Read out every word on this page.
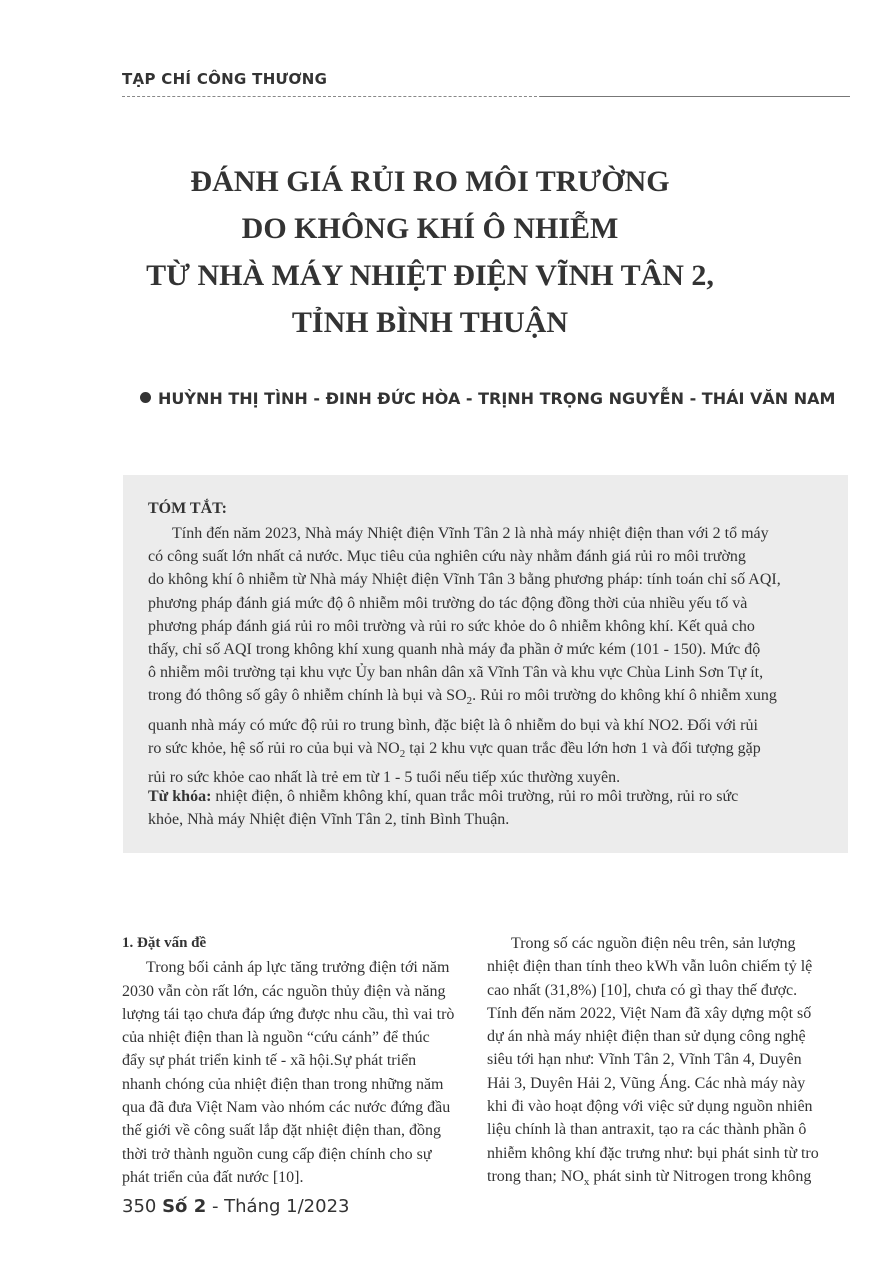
TẠP CHÍ CÔNG THƯƠNG
ĐÁNH GIÁ RỦI RO MÔI TRƯỜNG
DO KHÔNG KHÍ Ô NHIỄM
TỪ NHÀ MÁY NHIỆT ĐIỆN VĨNH TÂN 2,
TỈNH BÌNH THUẬN
HUỲNH THỊ TÌNH - ĐINH ĐỨC HÒA - TRỊNH TRỌNG NGUYỄN - THÁI VĂN NAM
TÓM TẮT:
Tính đến năm 2023, Nhà máy Nhiệt điện Vĩnh Tân 2 là nhà máy nhiệt điện than với 2 tổ máy
có công suất lớn nhất cả nước. Mục tiêu của nghiên cứu này nhằm đánh giá rủi ro môi trường
do không khí ô nhiễm từ Nhà máy Nhiệt điện Vĩnh Tân 3 bằng phương pháp: tính toán chỉ số AQI,
phương pháp đánh giá mức độ ô nhiễm môi trường do tác động đồng thời của nhiều yếu tố và
phương pháp đánh giá rủi ro môi trường và rủi ro sức khỏe do ô nhiễm không khí. Kết quả cho
thấy, chỉ số AQI trong không khí xung quanh nhà máy đa phần ở mức kém (101 - 150). Mức độ
ô nhiễm môi trường tại khu vực Ủy ban nhân dân xã Vĩnh Tân và khu vực Chùa Linh Sơn Tự ít,
trong đó thông số gây ô nhiễm chính là bụi và $SO_2$. Rủi ro môi trường do không khí ô nhiễm xung
quanh nhà máy có mức độ rủi ro trung bình, đặc biệt là ô nhiễm do bụi và khí NO2. Đối với rủi
ro sức khỏe, hệ số rủi ro của bụi và $NO_2$ tại 2 khu vực quan trắc đều lớn hơn 1 và đối tượng gặp
rủi ro sức khỏe cao nhất là trẻ em từ 1 - 5 tuổi nếu tiếp xúc thường xuyên.
Từ khóa: nhiệt điện, ô nhiễm không khí, quan trắc môi trường, rủi ro môi trường, rủi ro sức
khỏe, Nhà máy Nhiệt điện Vĩnh Tân 2, tỉnh Bình Thuận.
1. Đặt vấn đề
Trong bối cảnh áp lực tăng trưởng điện tới năm
2030 vẫn còn rất lớn, các nguồn thủy điện và năng
lượng tái tạo chưa đáp ứng được nhu cầu, thì vai trò
của nhiệt điện than là nguồn “cứu cánh” để thúc
đẩy sự phát triển kinh tế - xã hội.Sự phát triển
nhanh chóng của nhiệt điện than trong những năm
qua đã đưa Việt Nam vào nhóm các nước đứng đầu
thế giới về công suất lắp đặt nhiệt điện than, đồng
thời trở thành nguồn cung cấp điện chính cho sự
phát triển của đất nước [10].
Trong số các nguồn điện nêu trên, sản lượng
nhiệt điện than tính theo kWh vẫn luôn chiếm tỷ lệ
cao nhất (31,8%) [10], chưa có gì thay thế được.
Tính đến năm 2022, Việt Nam đã xây dựng một số
dự án nhà máy nhiệt điện than sử dụng công nghệ
siêu tới hạn như: Vĩnh Tân 2, Vĩnh Tân 4, Duyên
Hải 3, Duyên Hải 2, Vũng Áng. Các nhà máy này
khi đi vào hoạt động với việc sử dụng nguồn nhiên
liệu chính là than antraxit, tạo ra các thành phần ô
nhiễm không khí đặc trưng như: bụi phát sinh từ tro
trong than; $NO_x$ phát sinh từ Nitrogen trong không
350 Số 2 - Tháng 1/2023
